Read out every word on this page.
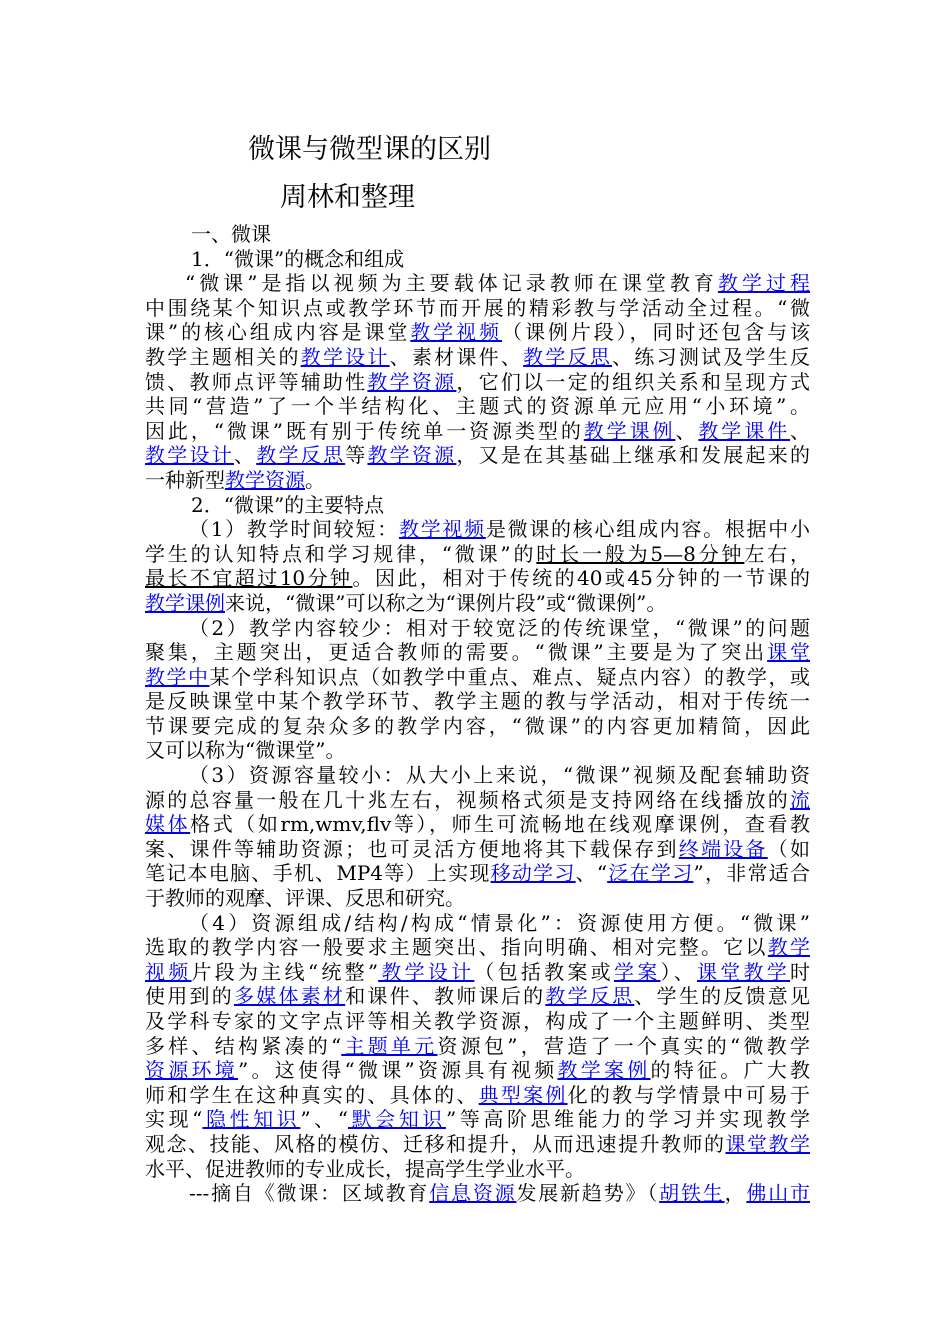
微课与微型课的区别
周林和整理

一、微课

1．“微课”的概念和组成

“微课”是指以视频为主要载体记录教师在课堂教育教学过程
中围绕某个知识点或教学环节而开展的精彩教与学活动全过程。“微
课”的核心组成内容是课堂教学视频（课例片段），同时还包含与该
教学主题相关的教学设计、素材课件、教学反思、练习测试及学生反
馈、教师点评等辅助性教学资源，它们以一定的组织关系和呈现方式
共同“营造”了一个半结构化、主题式的资源单元应用“小环境”。
因此，“微课”既有别于传统单一资源类型的教学课例、教学课件、
教学设计、教学反思等教学资源，又是在其基础上继承和发展起来的
一种新型教学资源。

2．“微课”的主要特点

（1）教学时间较短：教学视频是微课的核心组成内容。根据中小
学生的认知特点和学习规律，“微课”的时长一般为5—8分钟左右，
最长不宜超过10分钟。因此，相对于传统的40或45分钟的一节课的
教学课例来说，“微课”可以称之为“课例片段”或“微课例”。
（2）教学内容较少：相对于较宽泛的传统课堂，“微课”的问题
聚集，主题突出，更适合教师的需要。“微课”主要是为了突出课堂
教学中某个学科知识点（如教学中重点、难点、疑点内容）的教学，或
是反映课堂中某个教学环节、教学主题的教与学活动，相对于传统一
节课要完成的复杂众多的教学内容，“微课”的内容更加精简，因此
又可以称为“微课堂”。
（3）资源容量较小：从大小上来说，“微课”视频及配套辅助资
源的总容量一般在几十兆左右，视频格式须是支持网络在线播放的流
媒体格式（如rm,wmv,flv等），师生可流畅地在线观摩课例，查看教
案、课件等辅助资源；也可灵活方便地将其下载保存到终端设备（如
笔记本电脑、手机、MP4等）上实现移动学习、“泛在学习”，非常适合
于教师的观摩、评课、反思和研究。
（4）资源组成/结构/构成“情景化”：资源使用方便。“微课”
选取的教学内容一般要求主题突出、指向明确、相对完整。它以教学
视频片段为主线“统整”教学设计（包括教案或学案）、课堂教学时
使用到的多媒体素材和课件、教师课后的教学反思、学生的反馈意见
及学科专家的文字点评等相关教学资源，构成了一个主题鲜明、类型
多样、结构紧凑的“主题单元资源包”，营造了一个真实的“微教学
资源环境”。这使得“微课”资源具有视频教学案例的特征。广大教
师和学生在这种真实的、具体的、典型案例化的教与学情景中可易于
实现“隐性知识”、“默会知识”等高阶思维能力的学习并实现教学
观念、技能、风格的模仿、迁移和提升，从而迅速提升教师的课堂教学
水平、促进教师的专业成长，提高学生学业水平。
---摘自《微课：区域教育信息资源发展新趋势》（胡铁生，佛山市
